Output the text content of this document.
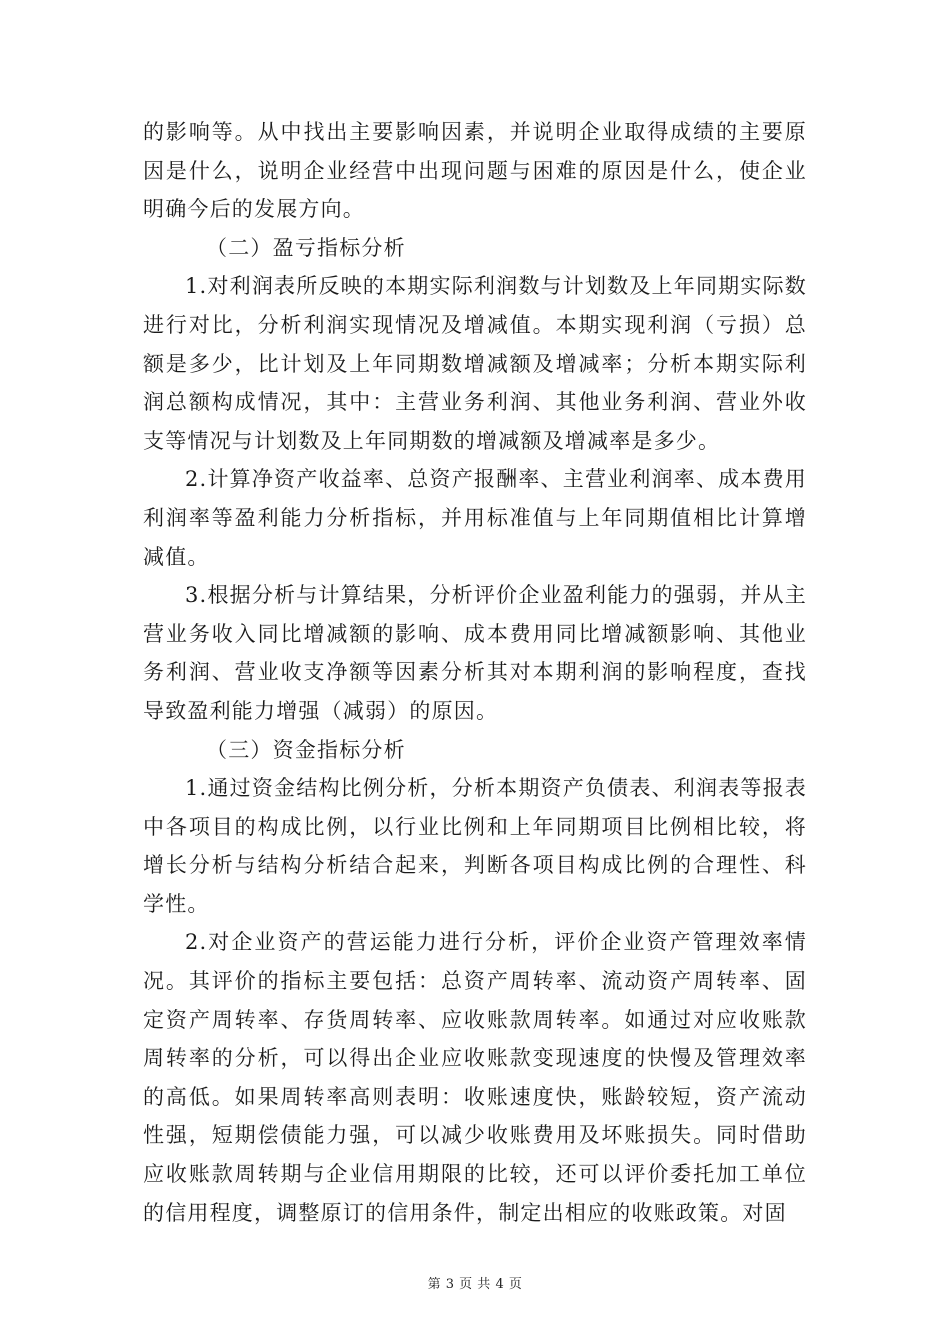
的影响等。从中找出主要影响因素，并说明企业取得成绩的主要原因是什么，说明企业经营中出现问题与困难的原因是什么，使企业明确今后的发展方向。

（二）盈亏指标分析

1.对利润表所反映的本期实际利润数与计划数及上年同期实际数进行对比，分析利润实现情况及增减值。本期实现利润（亏损）总额是多少，比计划及上年同期数增减额及增减率；分析本期实际利润总额构成情况，其中：主营业务利润、其他业务利润、营业外收支等情况与计划数及上年同期数的增减额及增减率是多少。

2.计算净资产收益率、总资产报酬率、主营业利润率、成本费用利润率等盈利能力分析指标，并用标准值与上年同期值相比计算增减值。

3.根据分析与计算结果，分析评价企业盈利能力的强弱，并从主营业务收入同比增减额的影响、成本费用同比增减额影响、其他业务利润、营业收支净额等因素分析其对本期利润的影响程度，查找导致盈利能力增强（减弱）的原因。

（三）资金指标分析

1.通过资金结构比例分析，分析本期资产负债表、利润表等报表中各项目的构成比例，以行业比例和上年同期项目比例相比较，将增长分析与结构分析结合起来，判断各项目构成比例的合理性、科学性。

2.对企业资产的营运能力进行分析，评价企业资产管理效率情况。其评价的指标主要包括：总资产周转率、流动资产周转率、固定资产周转率、存货周转率、应收账款周转率。如通过对应收账款周转率的分析，可以得出企业应收账款变现速度的快慢及管理效率的高低。如果周转率高则表明：收账速度快，账龄较短，资产流动性强，短期偿债能力强，可以减少收账费用及坏账损失。同时借助应收账款周转期与企业信用期限的比较，还可以评价委托加工单位的信用程度，调整原订的信用条件，制定出相应的收账政策。对固

第 3 页 共 4 页
